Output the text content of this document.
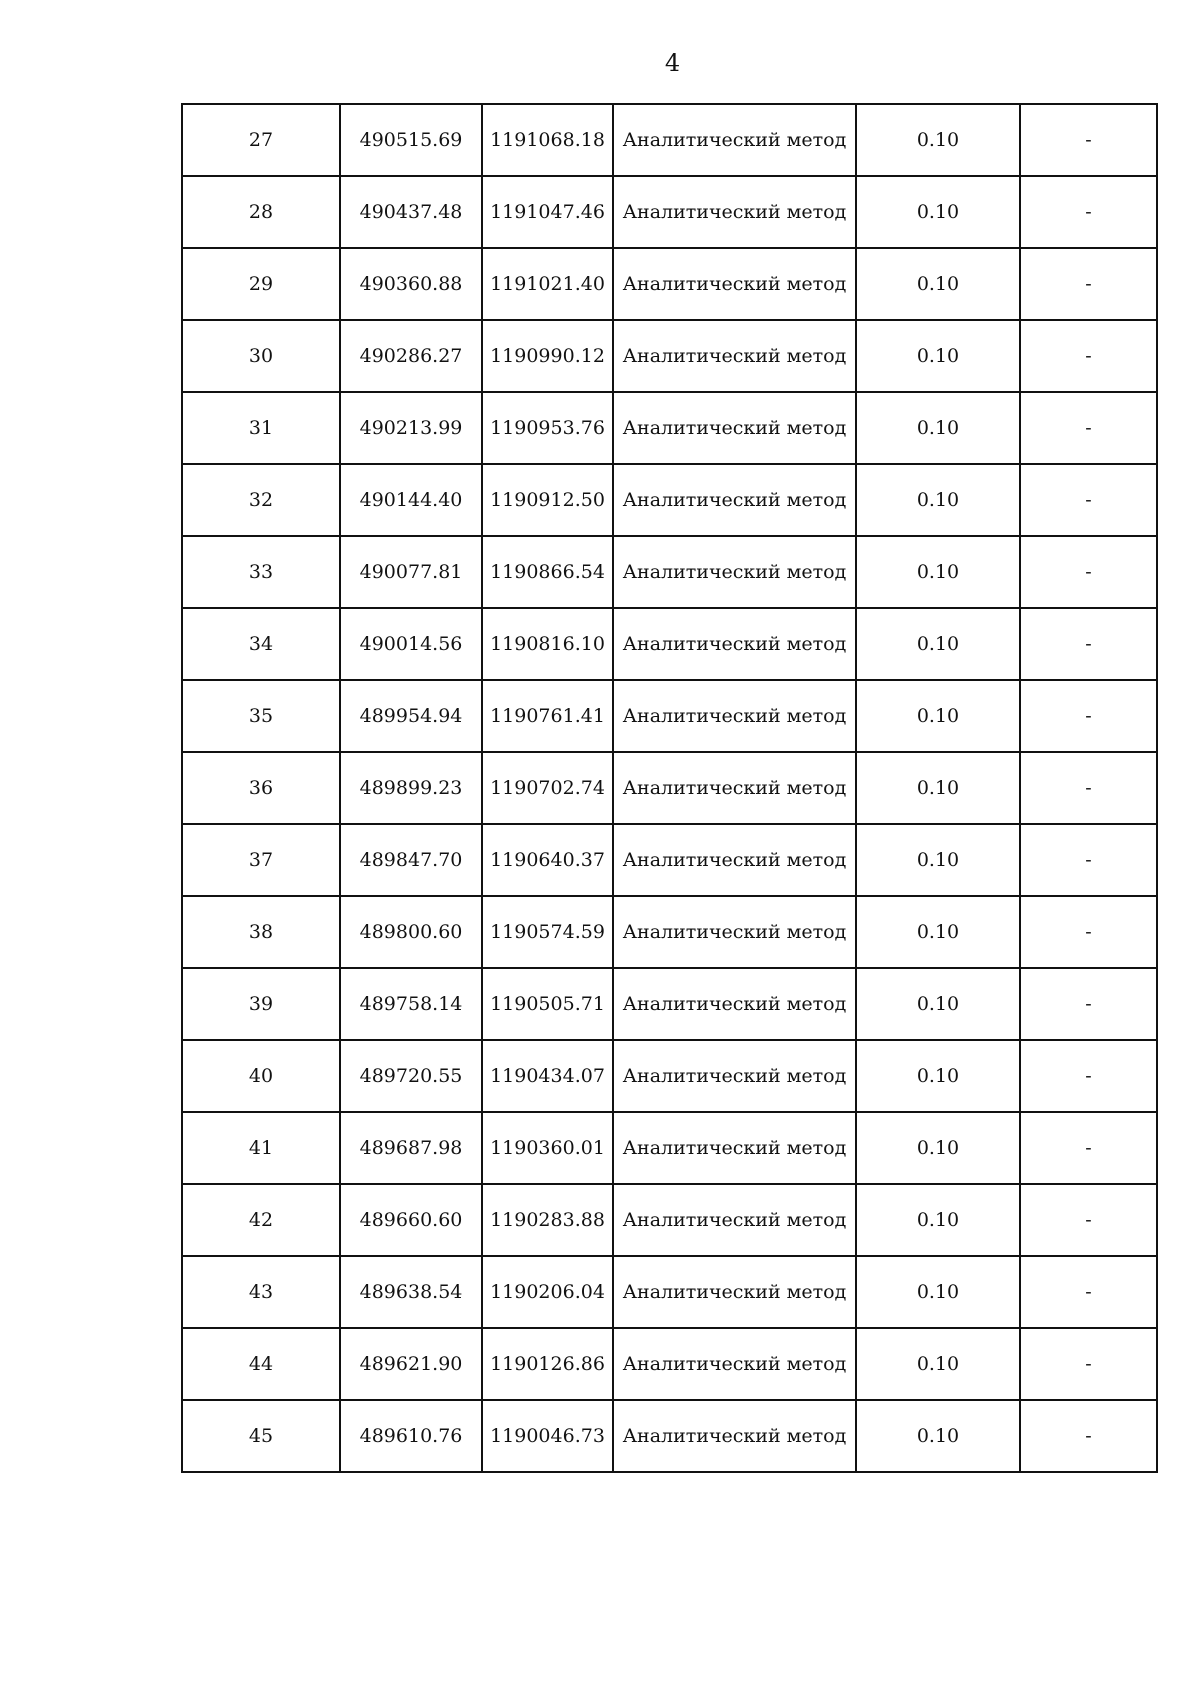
4
27	490515.69	1191068.18	Аналитический метод	0.10	-
28	490437.48	1191047.46	Аналитический метод	0.10	-
29	490360.88	1191021.40	Аналитический метод	0.10	-
30	490286.27	1190990.12	Аналитический метод	0.10	-
31	490213.99	1190953.76	Аналитический метод	0.10	-
32	490144.40	1190912.50	Аналитический метод	0.10	-
33	490077.81	1190866.54	Аналитический метод	0.10	-
34	490014.56	1190816.10	Аналитический метод	0.10	-
35	489954.94	1190761.41	Аналитический метод	0.10	-
36	489899.23	1190702.74	Аналитический метод	0.10	-
37	489847.70	1190640.37	Аналитический метод	0.10	-
38	489800.60	1190574.59	Аналитический метод	0.10	-
39	489758.14	1190505.71	Аналитический метод	0.10	-
40	489720.55	1190434.07	Аналитический метод	0.10	-
41	489687.98	1190360.01	Аналитический метод	0.10	-
42	489660.60	1190283.88	Аналитический метод	0.10	-
43	489638.54	1190206.04	Аналитический метод	0.10	-
44	489621.90	1190126.86	Аналитический метод	0.10	-
45	489610.76	1190046.73	Аналитический метод	0.10	-
